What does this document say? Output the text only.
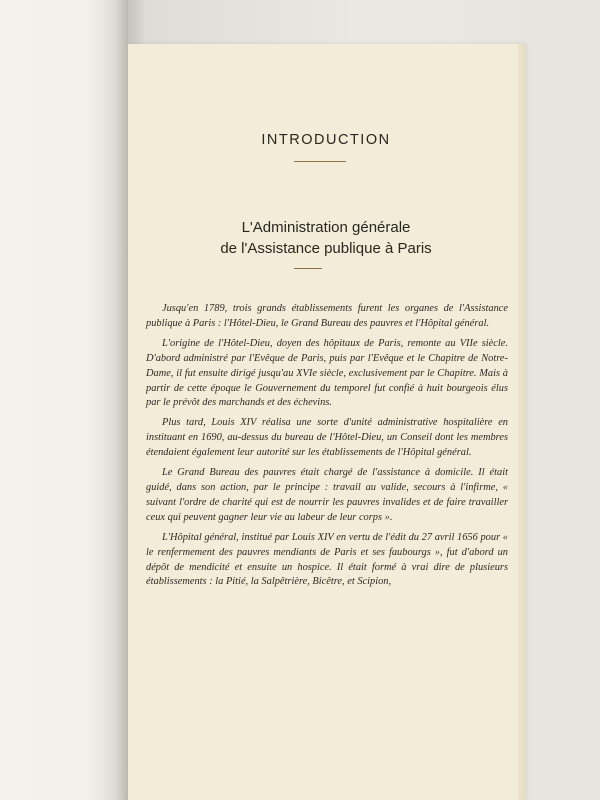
INTRODUCTION
L'Administration générale
de l'Assistance publique à Paris

Jusqu'en 1789, trois grands établissements furent les organes de l'Assistance publique à Paris : l'Hôtel-Dieu, le Grand Bureau des pauvres et l'Hôpital général.

L'origine de l'Hôtel-Dieu, doyen des hôpitaux de Paris, remonte au VIIe siècle. D'abord administré par l'Evêque de Paris, puis par l'Evêque et le Chapitre de Notre-Dame, il fut ensuite dirigé jusqu'au XVIe siècle, exclusivement par le Chapitre. Mais à partir de cette époque le Gouvernement du temporel fut confié à huit bourgeois élus par le prévôt des marchands et des échevins.

Plus tard, Louis XIV réalisa une sorte d'unité administrative hospitalière en instituant en 1690, au-dessus du bureau de l'Hôtel-Dieu, un Conseil dont les membres étendaient également leur autorité sur les établissements de l'Hôpital général.

Le Grand Bureau des pauvres était chargé de l'assistance à domicile. Il était guidé, dans son action, par le principe : travail au valide, secours à l'infirme, « suivant l'ordre de charité qui est de nourrir les pauvres invalides et de faire travailler ceux qui peuvent gagner leur vie au labeur de leur corps ».

L'Hôpital général, institué par Louis XIV en vertu de l'édit du 27 avril 1656 pour « le renfermement des pauvres mendiants de Paris et ses faubourgs », fut d'abord un dépôt de mendicité et ensuite un hospice. Il était formé à vrai dire de plusieurs établissements : la Pitié, la Salpêtrière, Bicêtre, et Scipion,
